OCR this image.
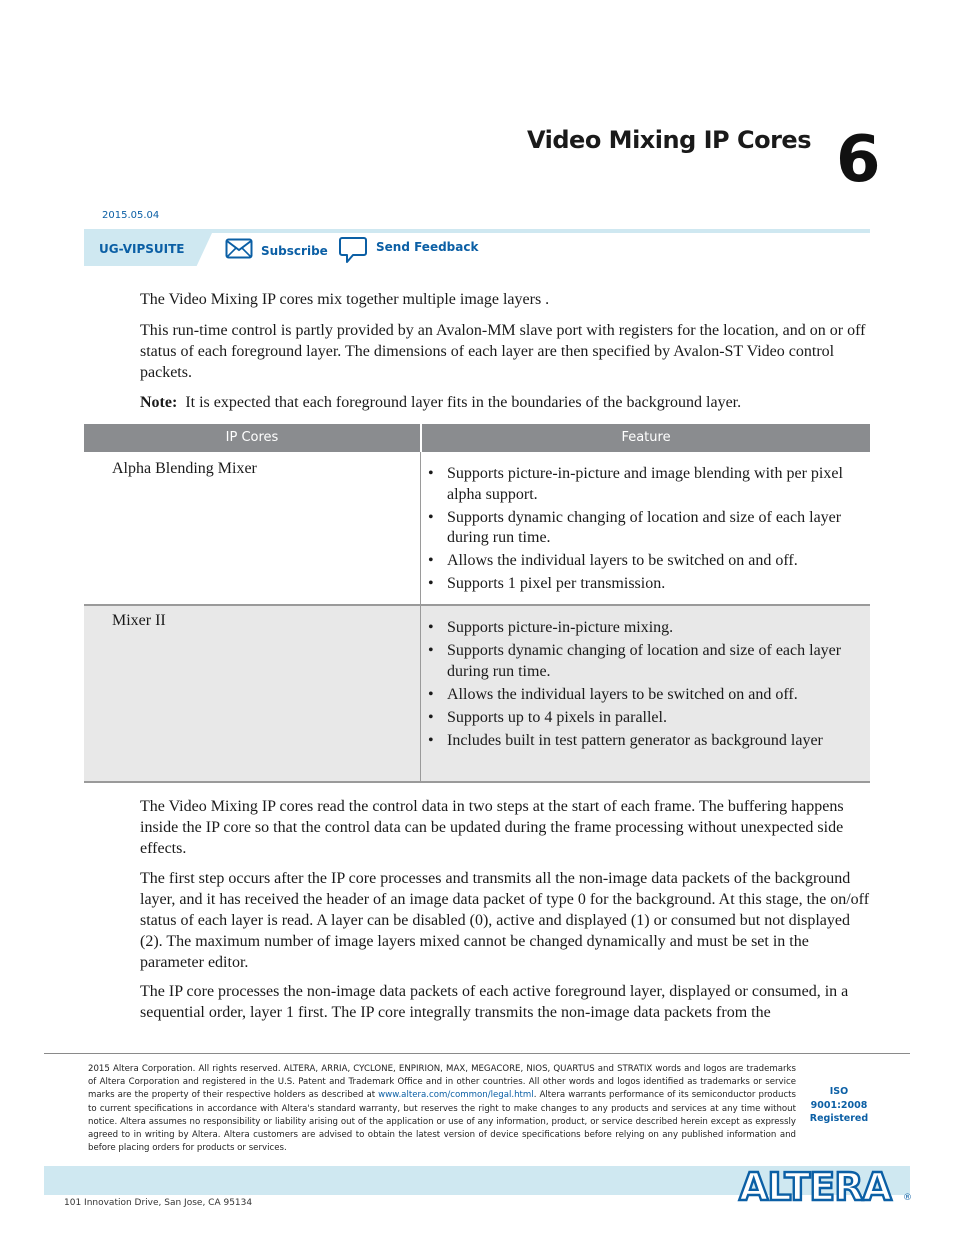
Video Mixing IP Cores 6
2015.05.04
UG-VIPSUITE	Subscribe	Send Feedback
The Video Mixing IP cores mix together multiple image layers .
This run-time control is partly provided by an Avalon-MM slave port with registers for the location, and on or off status of each foreground layer. The dimensions of each layer are then specified by Avalon-ST Video control packets.
Note: It is expected that each foreground layer fits in the boundaries of the background layer.
IP Cores	Feature
Alpha Blending Mixer	• Supports picture-in-picture and image blending with per pixel alpha support.
• Supports dynamic changing of location and size of each layer during run time.
• Allows the individual layers to be switched on and off.
• Supports 1 pixel per transmission.
Mixer II	• Supports picture-in-picture mixing.
• Supports dynamic changing of location and size of each layer during run time.
• Allows the individual layers to be switched on and off.
• Supports up to 4 pixels in parallel.
• Includes built in test pattern generator as background layer
The Video Mixing IP cores read the control data in two steps at the start of each frame. The buffering happens inside the IP core so that the control data can be updated during the frame processing without unexpected side effects.
The first step occurs after the IP core processes and transmits all the non-image data packets of the background layer, and it has received the header of an image data packet of type 0 for the background. At this stage, the on/off status of each layer is read. A layer can be disabled (0), active and displayed (1) or consumed but not displayed (2). The maximum number of image layers mixed cannot be changed dynamically and must be set in the parameter editor.
The IP core processes the non-image data packets of each active foreground layer, displayed or consumed, in a sequential order, layer 1 first. The IP core integrally transmits the non-image data packets from the
2015 Altera Corporation. All rights reserved. ALTERA, ARRIA, CYCLONE, ENPIRION, MAX, MEGACORE, NIOS, QUARTUS and STRATIX words and logos are trademarks of Altera Corporation and registered in the U.S. Patent and Trademark Office and in other countries. All other words and logos identified as trademarks or service marks are the property of their respective holders as described at www.altera.com/common/legal.html. Altera warrants performance of its semiconductor products to current specifications in accordance with Altera's standard warranty, but reserves the right to make changes to any products and services at any time without notice. Altera assumes no responsibility or liability arising out of the application or use of any information, product, or service described herein except as expressly agreed to in writing by Altera. Altera customers are advised to obtain the latest version of device specifications before relying on any published information and before placing orders for products or services.
ISO
9001:2008
Registered
ALTERA ®
101 Innovation Drive, San Jose, CA 95134
